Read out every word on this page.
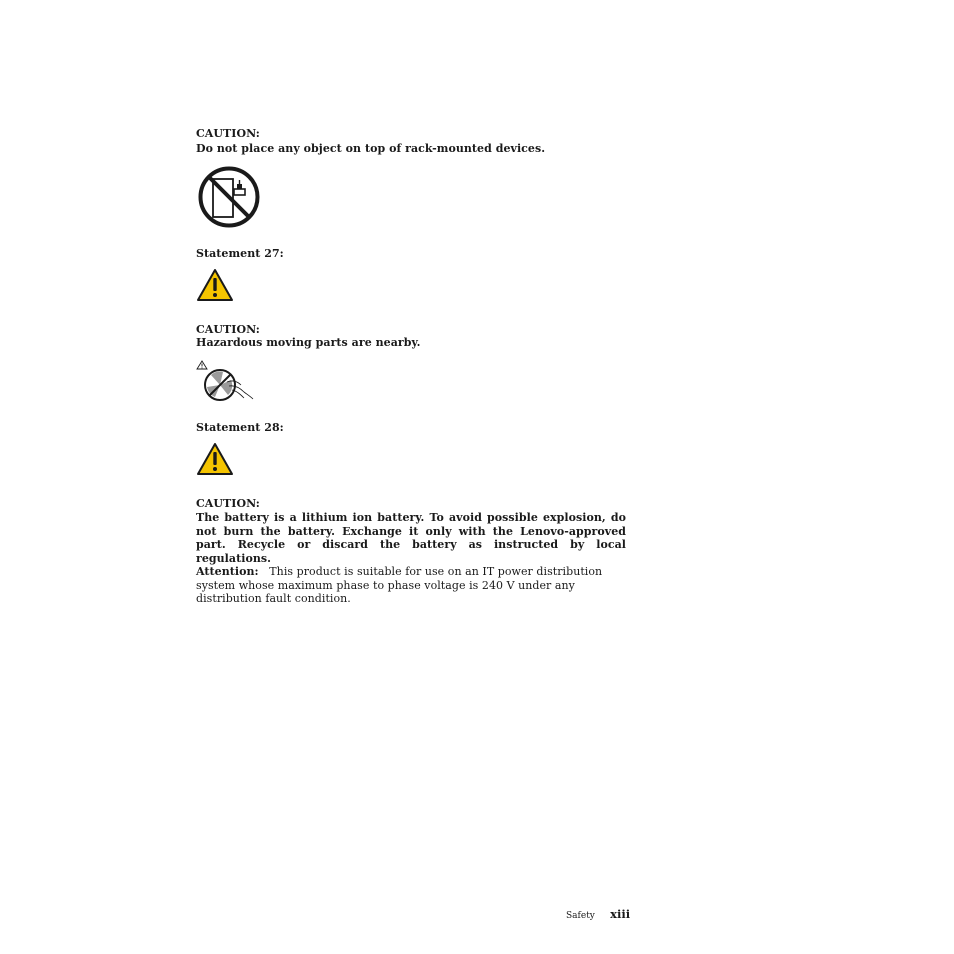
CAUTION:
Do not place any object on top of rack-mounted devices.
Statement 27:
CAUTION:
Hazardous moving parts are nearby.
Statement 28:
CAUTION:
The battery is a lithium ion battery. To avoid possible explosion, do not burn the battery. Exchange it only with the Lenovo-approved part. Recycle or discard the battery as instructed by local regulations.
Attention: This product is suitable for use on an IT power distribution system whose maximum phase to phase voltage is 240 V under any distribution fault condition.
Safety xiii
